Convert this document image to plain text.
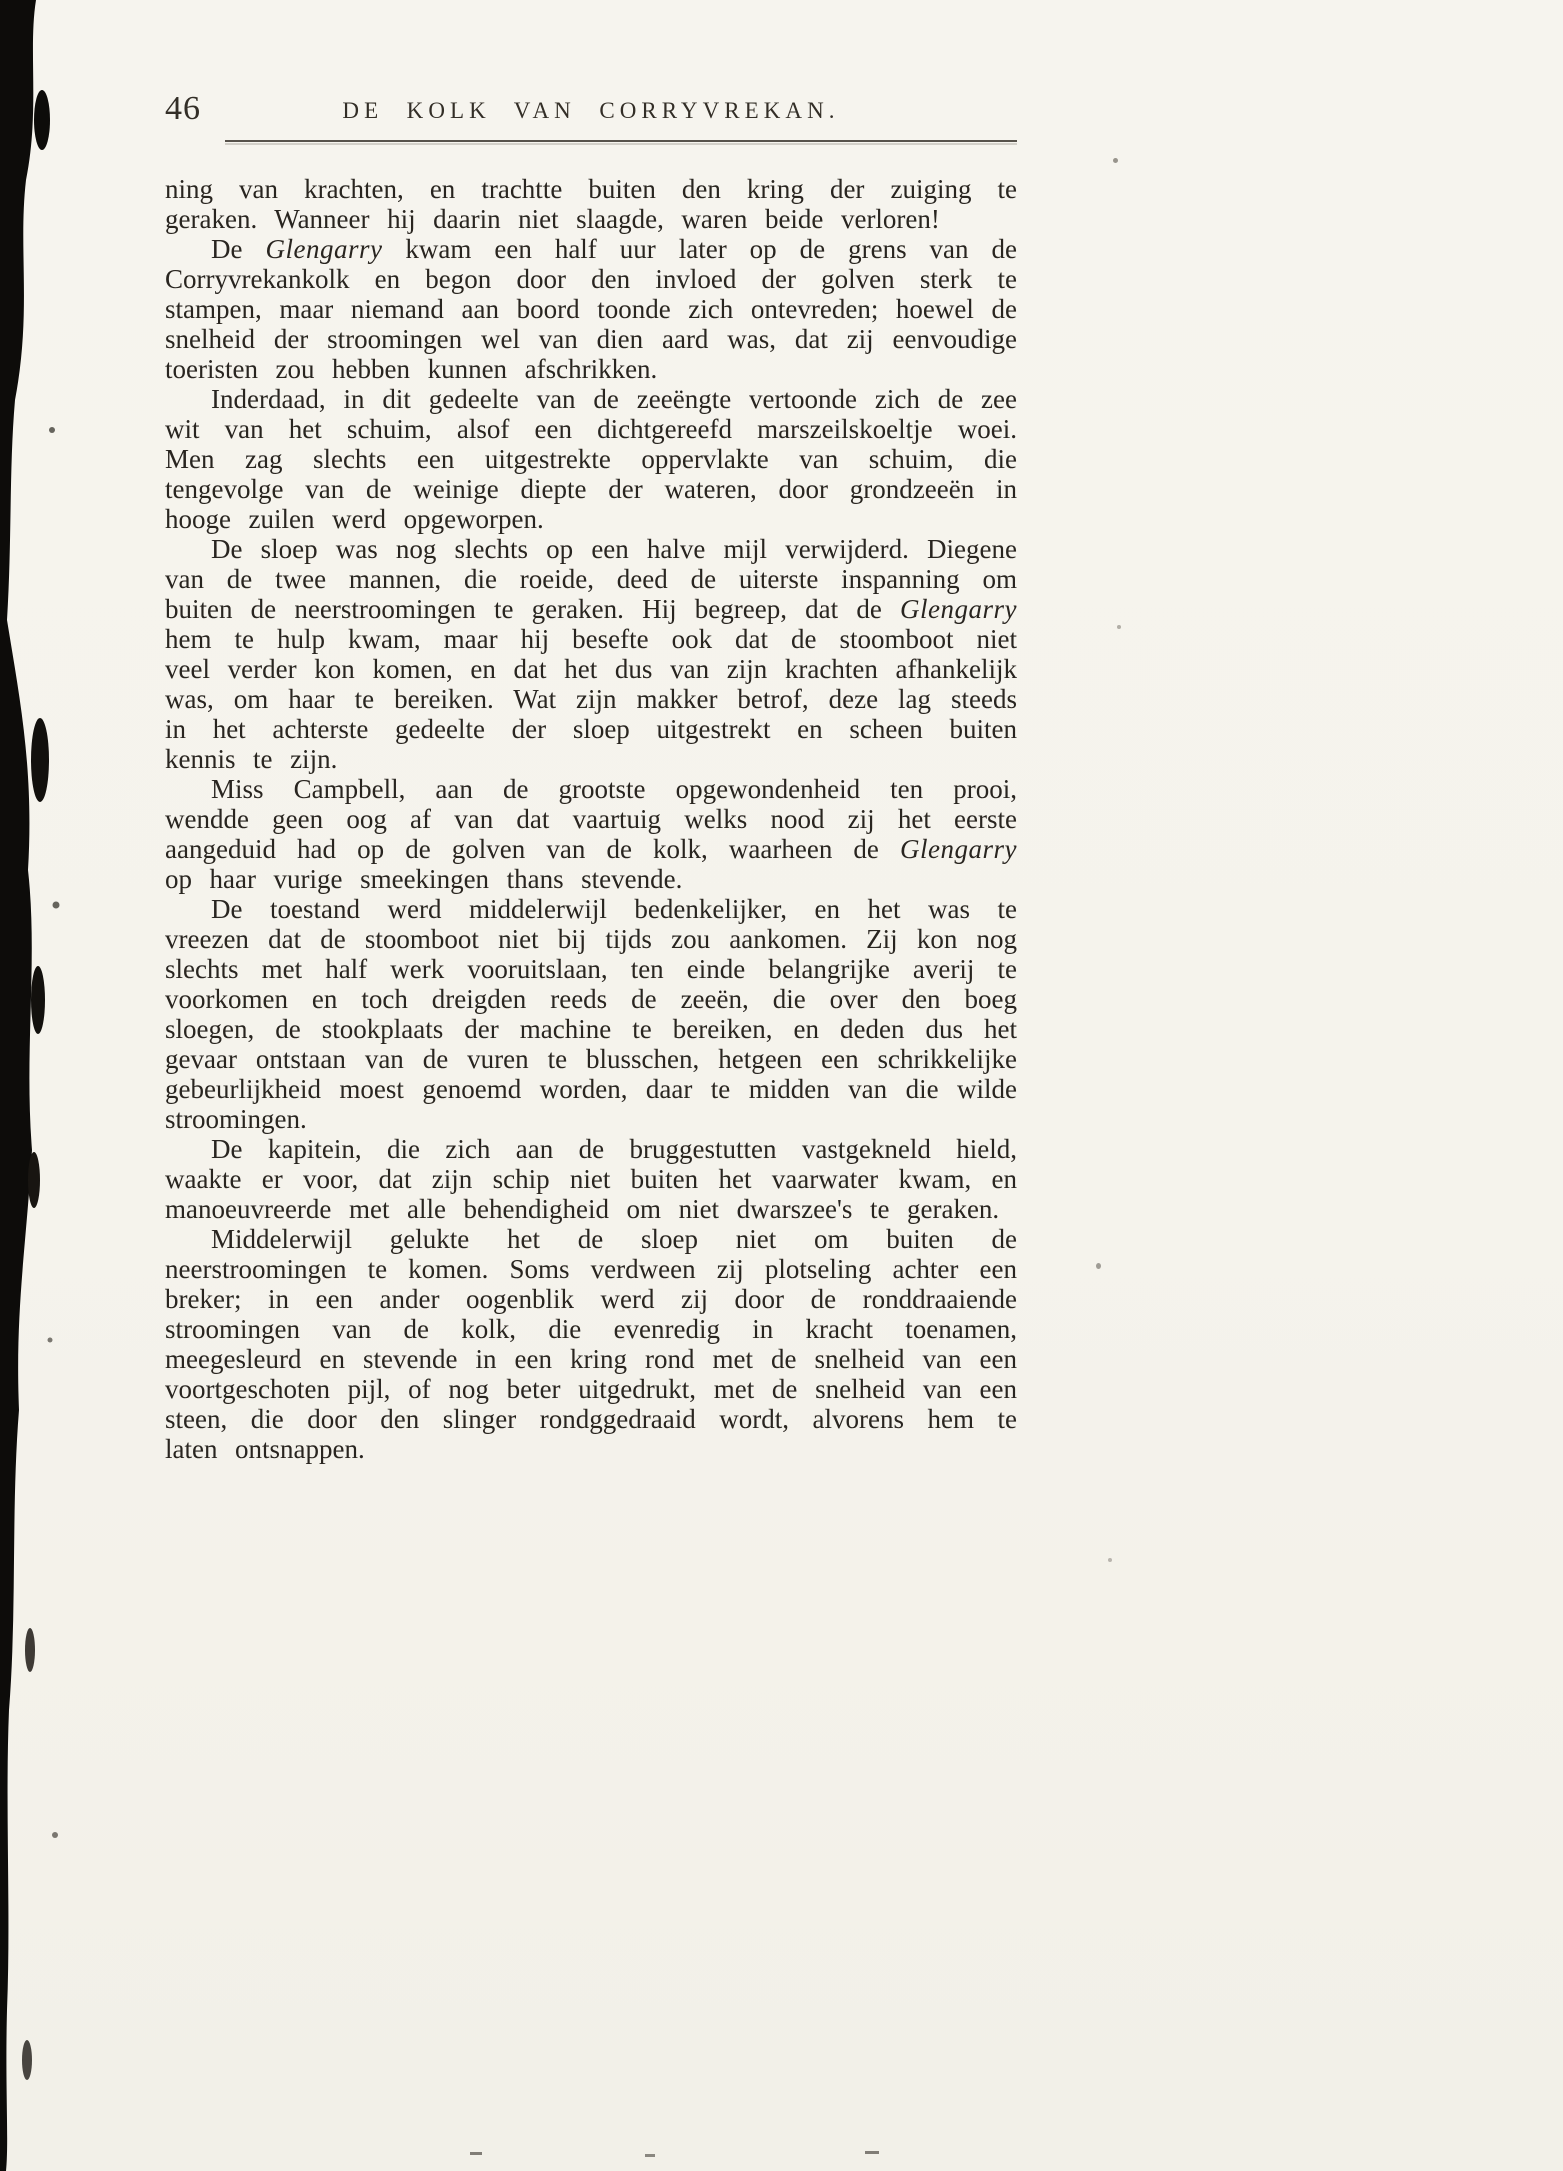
46	DE KOLK VAN CORRYVREKAN.

ning van krachten, en trachtte buiten den kring der zuiging te geraken. Wanneer hij daarin niet slaagde, waren beide verloren!

De Glengarry kwam een half uur later op de grens van de Corryvrekankolk en begon door den invloed der golven sterk te stampen, maar niemand aan boord toonde zich ontevreden; hoewel de snelheid der stroomingen wel van dien aard was, dat zij eenvoudige toeristen zou hebben kunnen afschrikken.

Inderdaad, in dit gedeelte van de zeeëngte vertoonde zich de zee wit van het schuim, alsof een dichtgereefd marszeilskoeltje woei. Men zag slechts een uitgestrekte oppervlakte van schuim, die tengevolge van de weinige diepte der wateren, door grondzeeën in hooge zuilen werd opgeworpen.

De sloep was nog slechts op een halve mijl verwijderd. Diegene van de twee mannen, die roeide, deed de uiterste inspanning om buiten de neerstroomingen te geraken. Hij begreep, dat de Glengarry hem te hulp kwam, maar hij besefte ook dat de stoomboot niet veel verder kon komen, en dat het dus van zijn krachten afhankelijk was, om haar te bereiken. Wat zijn makker betrof, deze lag steeds in het achterste gedeelte der sloep uitgestrekt en scheen buiten kennis te zijn.

Miss Campbell, aan de grootste opgewondenheid ten prooi, wendde geen oog af van dat vaartuig welks nood zij het eerste aangeduid had op de golven van de kolk, waarheen de Glengarry op haar vurige smeekingen thans stevende.

De toestand werd middelerwijl bedenkelijker, en het was te vreezen dat de stoomboot niet bij tijds zou aankomen. Zij kon nog slechts met half werk vooruitslaan, ten einde belangrijke averij te voorkomen en toch dreigden reeds de zeeën, die over den boeg sloegen, de stookplaats der machine te bereiken, en deden dus het gevaar ontstaan van de vuren te blusschen, hetgeen een schrikkelijke gebeurlijkheid moest genoemd worden, daar te midden van die wilde stroomingen.

De kapitein, die zich aan de bruggestutten vastgekneld hield, waakte er voor, dat zijn schip niet buiten het vaarwater kwam, en manoeuvreerde met alle behendigheid om niet dwarszee's te geraken.

Middelerwijl gelukte het de sloep niet om buiten de neerstroomingen te komen. Soms verdween zij plotseling achter een breker; in een ander oogenblik werd zij door de ronddraaiende stroomingen van de kolk, die evenredig in kracht toenamen, meegesleurd en stevende in een kring rond met de snelheid van een voortgeschoten pijl, of nog beter uitgedrukt, met de snelheid van een steen, die door den slinger rondggedraaid wordt, alvorens hem te laten ontsnappen.
